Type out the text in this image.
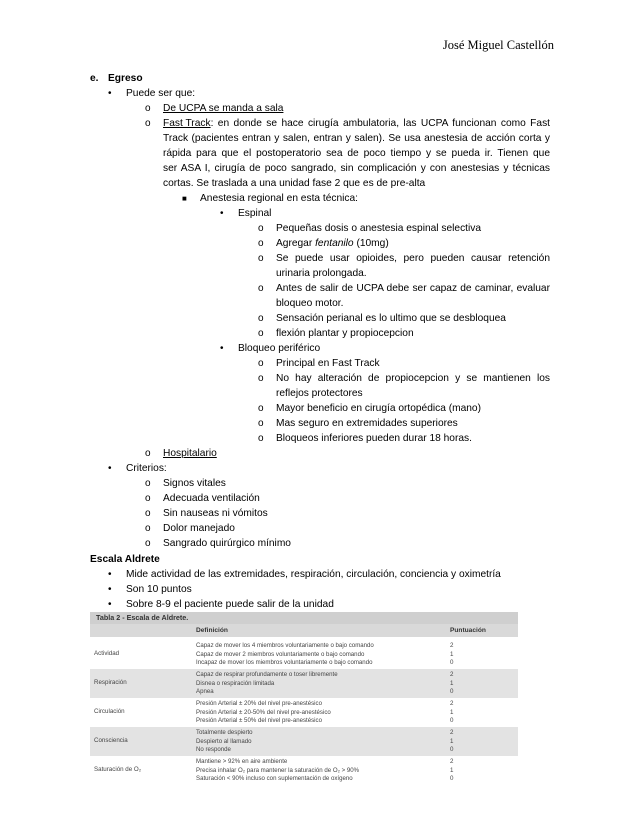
José Miguel Castellón
e. Egreso
• Puede ser que:
o De UCPA se manda a sala
o Fast Track : en donde se hace cirugía ambulatoria, las UCPA funcionan como Fast
Track (pacientes entran y salen, entran y salen). Se usa anestesia de acción corta y
rápida para que el postoperatorio sea de poco tiempo y se pueda ir. Tienen que
ser ASA I, cirugía de poco sangrado, sin complicación y con anestesias y técnicas
cortas. Se traslada a una unidad fase 2 que es de pre-alta
■ Anestesia regional en esta técnica:
• Espinal
o Pequeñas dosis o anestesia espinal selectiva
o Agregar fentanilo (10mg)
o Se puede usar opioides, pero pueden causar retención
urinaria prolongada.
o Antes de salir de UCPA debe ser capaz de caminar, evaluar
bloqueo motor.
o Sensación perianal es lo ultimo que se desbloquea
o flexión plantar y propiocepcion
• Bloqueo periférico
o Principal en Fast Track
o No hay alteración de propiocepcion y se mantienen los
reflejos protectores
o Mayor beneficio en cirugía ortopédica (mano)
o Mas seguro en extremidades superiores
o Bloqueos inferiores pueden durar 18 horas.
o Hospitalario
• Criterios:
o Signos vitales
o Adecuada ventilación
o Sin nauseas ni vómitos
o Dolor manejado
o Sangrado quirúrgico mínimo
Escala Aldrete
• Mide actividad de las extremidades, respiración, circulación, conciencia y oximetría
• Son 10 puntos
• Sobre 8-9 el paciente puede salir de la unidad
Tabla 2 - Escala de Aldrete.
Definición	Puntuación
Actividad
Capaz de mover los 4 miembros voluntariamente o bajo comando	2
Capaz de mover 2 miembros voluntariamente o bajo comando	1
Incapaz de mover los miembros voluntariamente o bajo comando	0
Respiración
Capaz de respirar profundamente o toser libremente	2
Disnea o respiración limitada	1
Apnea	0
Circulación
Presión Arterial ± 20% del nivel pre-anestésico	2
Presión Arterial ± 20-50% del nivel pre-anestésico	1
Presión Arterial ± 50% del nivel pre-anestésico	0
Consciencia
Totalmente despierto	2
Despierto al llamado	1
No responde	0
Saturación de O₂
Mantiene > 92% en aire ambiente	2
Precisa inhalar O₂ para mantener la saturación de O₂ > 90%	1
Saturación < 90% incluso con suplementación de oxígeno	0
